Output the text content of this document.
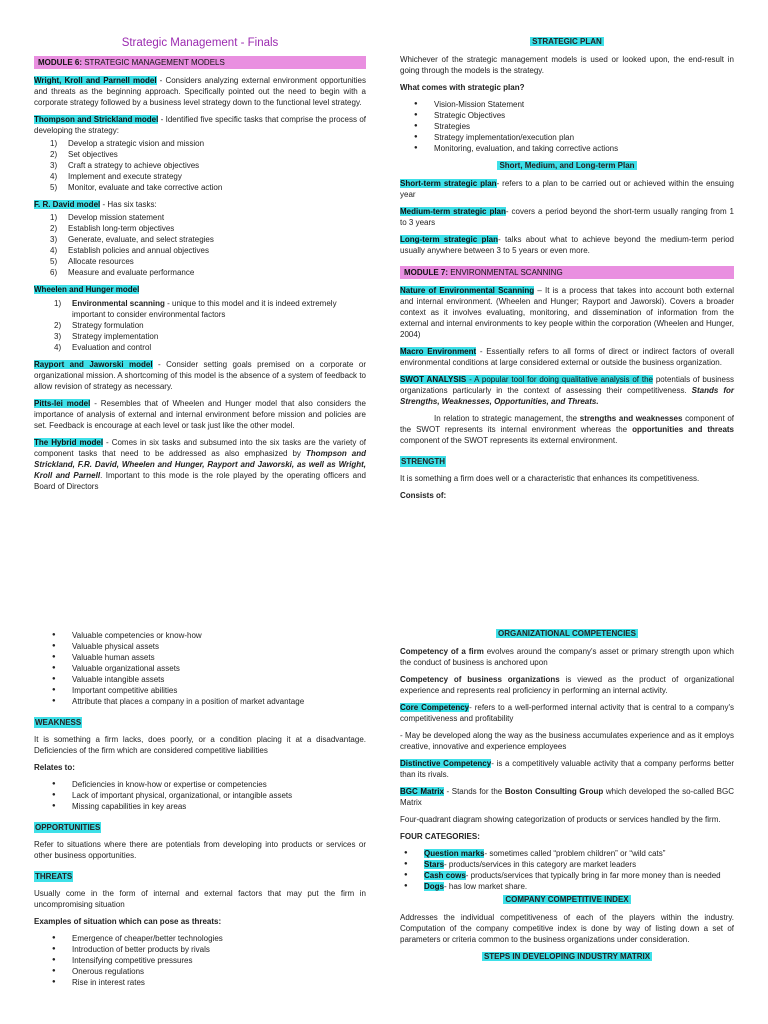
Strategic Management - Finals
MODULE 6: STRATEGIC MANAGEMENT MODELS
Wright, Kroll and Parnell model - Considers analyzing external environment opportunities and threats as the beginning approach. Specifically pointed out the need to begin with a corporate strategy followed by a business level strategy down to the functional level strategy.
Thompson and Strickland model - Identified five specific tasks that comprise the process of developing the strategy:
1) Develop a strategic vision and mission
2) Set objectives
3) Craft a strategy to achieve objectives
4) Implement and execute strategy
5) Monitor, evaluate and take corrective action
F. R. David model - Has six tasks:
1) Develop mission statement
2) Establish long-term objectives
3) Generate, evaluate, and select strategies
4) Establish policies and annual objectives
5) Allocate resources
6) Measure and evaluate performance
Wheelen and Hunger model
1) Environmental scanning - unique to this model and it is indeed extremely important to consider environmental factors
2) Strategy formulation
3) Strategy implementation
4) Evaluation and control
Rayport and Jaworski model - Consider setting goals premised on a corporate or organizational mission. A shortcoming of this model is the absence of a system of feedback to allow revision of strategy as necessary.
Pitts-lei model - Resembles that of Wheelen and Hunger model that also considers the importance of analysis of external and internal environment before mission and policies are set. Feedback is encourage at each level or task just like the other model.
The Hybrid model - Comes in six tasks and subsumed into the six tasks are the variety of component tasks that need to be addressed as also emphasized by Thompson and Strickland, F.R. David, Wheelen and Hunger, Rayport and Jaworski, as well as Wright, Kroll and Parnell. Important to this mode is the role played by the operating officers and Board of Directors
STRATEGIC PLAN
Whichever of the strategic management models is used or looked upon, the end-result in going through the models is the strategy.
What comes with strategic plan?
● Vision-Mission Statement
● Strategic Objectives
● Strategies
● Strategy implementation/execution plan
● Monitoring, evaluation, and taking corrective actions
Short, Medium, and Long-term Plan
Short-term strategic plan- refers to a plan to be carried out or achieved within the ensuing year
Medium-term strategic plan- covers a period beyond the short-term usually ranging from 1 to 3 years
Long-term strategic plan- talks about what to achieve beyond the medium-term period usually anywhere between 3 to 5 years or even more.
MODULE 7: ENVIRONMENTAL SCANNING
Nature of Environmental Scanning – It is a process that takes into account both external and internal environment. (Wheelen and Hunger; Rayport and Jaworski). Covers a broader context as it involves evaluating, monitoring, and dissemination of information from the external and internal environments to key people within the corporation (Wheelen and Hunger, 2004)
Macro Environment - Essentially refers to all forms of direct or indirect factors of overall environmental conditions at large considered external or outside the business organization.
SWOT ANALYSIS - A popular tool for doing qualitative analysis of the potentials of business organizations particularly in the context of assessing their competitiveness. Stands for Strengths, Weaknesses, Opportunities, and Threats.
In relation to strategic management, the strengths and weaknesses component of the SWOT represents its internal environment whereas the opportunities and threats component of the SWOT represents its external environment.
STRENGTH
It is something a firm does well or a characteristic that enhances its competitiveness.
Consists of:
● Valuable competencies or know-how
● Valuable physical assets
● Valuable human assets
● Valuable organizational assets
● Valuable intangible assets
● Important competitive abilities
● Attribute that places a company in a position of market advantage
WEAKNESS
It is something a firm lacks, does poorly, or a condition placing it at a disadvantage. Deficiencies of the firm which are considered competitive liabilities
Relates to:
● Deficiencies in know-how or expertise or competencies
● Lack of important physical, organizational, or intangible assets
● Missing capabilities in key areas
OPPORTUNITIES
Refer to situations where there are potentials from developing into products or services or other business opportunities.
THREATS
Usually come in the form of internal and external factors that may put the firm in uncompromising situation
Examples of situation which can pose as threats:
● Emergence of cheaper/better technologies
● Introduction of better products by rivals
● Intensifying competitive pressures
● Onerous regulations
● Rise in interest rates
ORGANIZATIONAL COMPETENCIES
Competency of a firm evolves around the company's asset or primary strength upon which the conduct of business is anchored upon
Competency of business organizations is viewed as the product of organizational experience and represents real proficiency in performing an internal activity.
Core Competency- refers to a well-performed internal activity that is central to a company's competitiveness and profitability
- May be developed along the way as the business accumulates experience and as it employs creative, innovative and experience employees
Distinctive Competency- is a competitively valuable activity that a company performs better than its rivals.
BGC Matrix - Stands for the Boston Consulting Group which developed the so-called BGC Matrix
Four-quadrant diagram showing categorization of products or services handled by the firm.
FOUR CATEGORIES:
● Question marks- sometimes called “problem children” or “wild cats”
● Stars- products/services in this category are market leaders
● Cash cows- products/services that typically bring in far more money than is needed
● Dogs- has low market share.
COMPANY COMPETITIVE INDEX
Addresses the individual competitiveness of each of the players within the industry. Computation of the company competitive index is done by way of listing down a set of parameters or criteria common to the business organizations under consideration.
STEPS IN DEVELOPING INDUSTRY MATRIX
